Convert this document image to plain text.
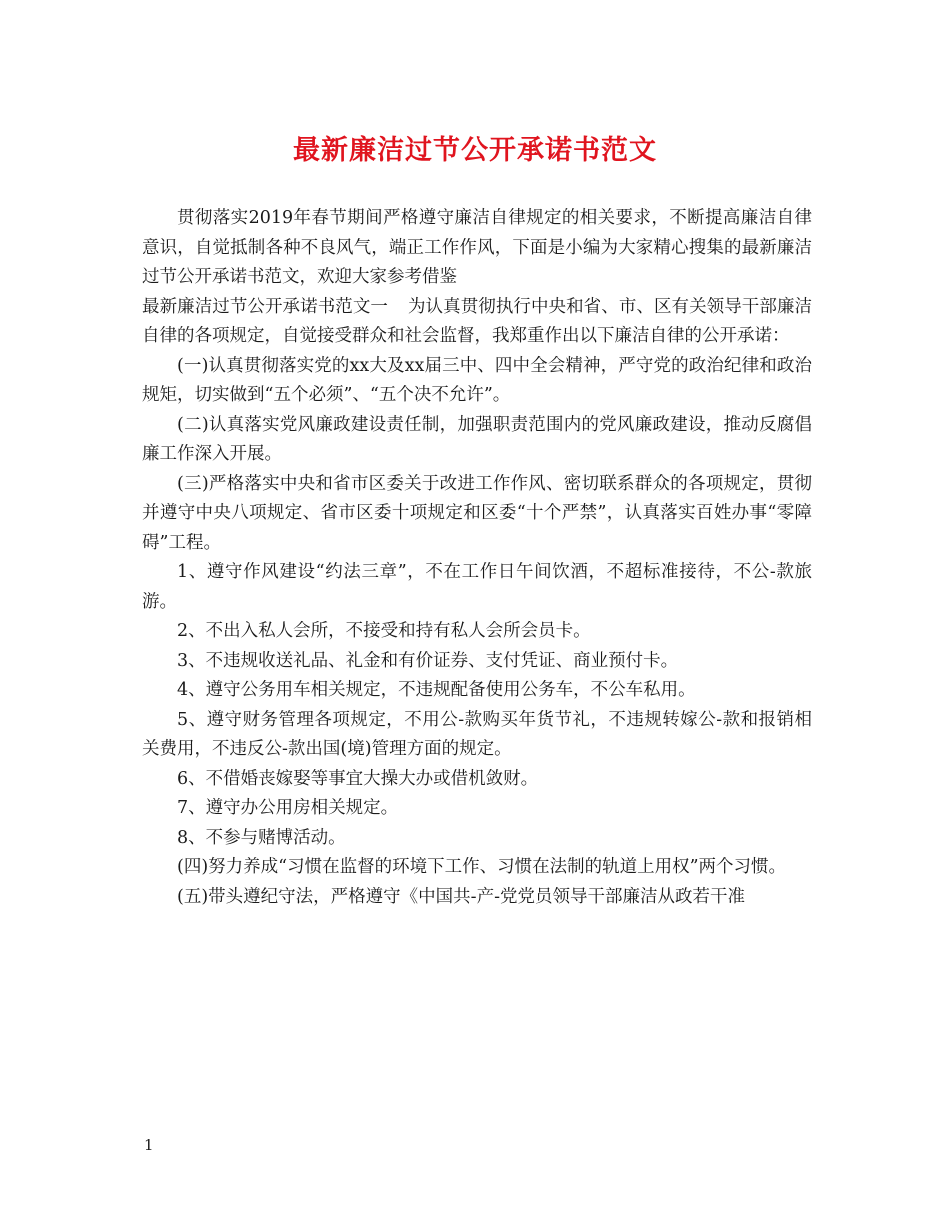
最新廉洁过节公开承诺书范文

贯彻落实2019年春节期间严格遵守廉洁自律规定的相关要求，不断提高廉洁自律意识，自觉抵制各种不良风气，端正工作作风，下面是小编为大家精心搜集的最新廉洁过节公开承诺书范文，欢迎大家参考借鉴

最新廉洁过节公开承诺书范文一 为认真贯彻执行中央和省、市、区有关领导干部廉洁自律的各项规定，自觉接受群众和社会监督，我郑重作出以下廉洁自律的公开承诺：

(一)认真贯彻落实党的xx大及xx届三中、四中全会精神，严守党的政治纪律和政治规矩，切实做到“五个必须”、“五个决不允许”。

(二)认真落实党风廉政建设责任制，加强职责范围内的党风廉政建设，推动反腐倡廉工作深入开展。

(三)严格落实中央和省市区委关于改进工作作风、密切联系群众的各项规定，贯彻并遵守中央八项规定、省市区委十项规定和区委“十个严禁”，认真落实百姓办事“零障碍”工程。

1、遵守作风建设“约法三章”，不在工作日午间饮酒，不超标准接待，不公-款旅游。

2、不出入私人会所，不接受和持有私人会所会员卡。

3、不违规收送礼品、礼金和有价证券、支付凭证、商业预付卡。

4、遵守公务用车相关规定，不违规配备使用公务车，不公车私用。

5、遵守财务管理各项规定，不用公-款购买年货节礼，不违规转嫁公-款和报销相关费用，不违反公-款出国(境)管理方面的规定。

6、不借婚丧嫁娶等事宜大操大办或借机敛财。

7、遵守办公用房相关规定。

8、不参与赌博活动。

(四)努力养成“习惯在监督的环境下工作、习惯在法制的轨道上用权”两个习惯。

(五)带头遵纪守法，严格遵守《中国共-产-党党员领导干部廉洁从政若干准

1
